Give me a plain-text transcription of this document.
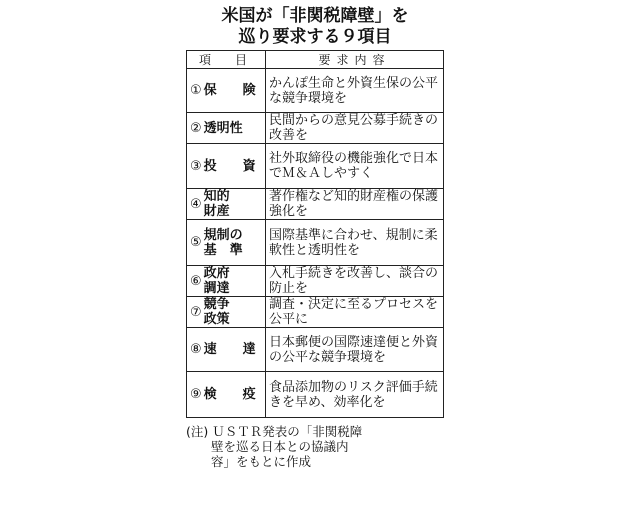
米国が「非関税障壁」を
巡り要求する９項目
項　目	要求内容

① 保　　険	かんぽ生命と外資生保の公平な競争環境を

② 透明性	民間からの意見公募手続きの改善を

③ 投　　資	社外取締役の機能強化で日本でＭ＆Ａしやすく

④ 知的
財産	著作権など知的財産権の保護強化を

⑤ 規制の
基　準	国際基準に合わせ、規制に柔軟性と透明性を

⑥ 政府
調達	入札手続きを改善し、談合の防止を

⑦ 競争
政策	調査・決定に至るプロセスを公平に

⑧ 速　　達	日本郵便の国際速達便と外資の公平な競争環境を

⑨ 検　　疫	食品添加物のリスク評価手続きを早め、効率化を
(注) ＵＳＴＲ発表の「非関税障
　　壁を巡る日本との協議内
　　容」をもとに作成
